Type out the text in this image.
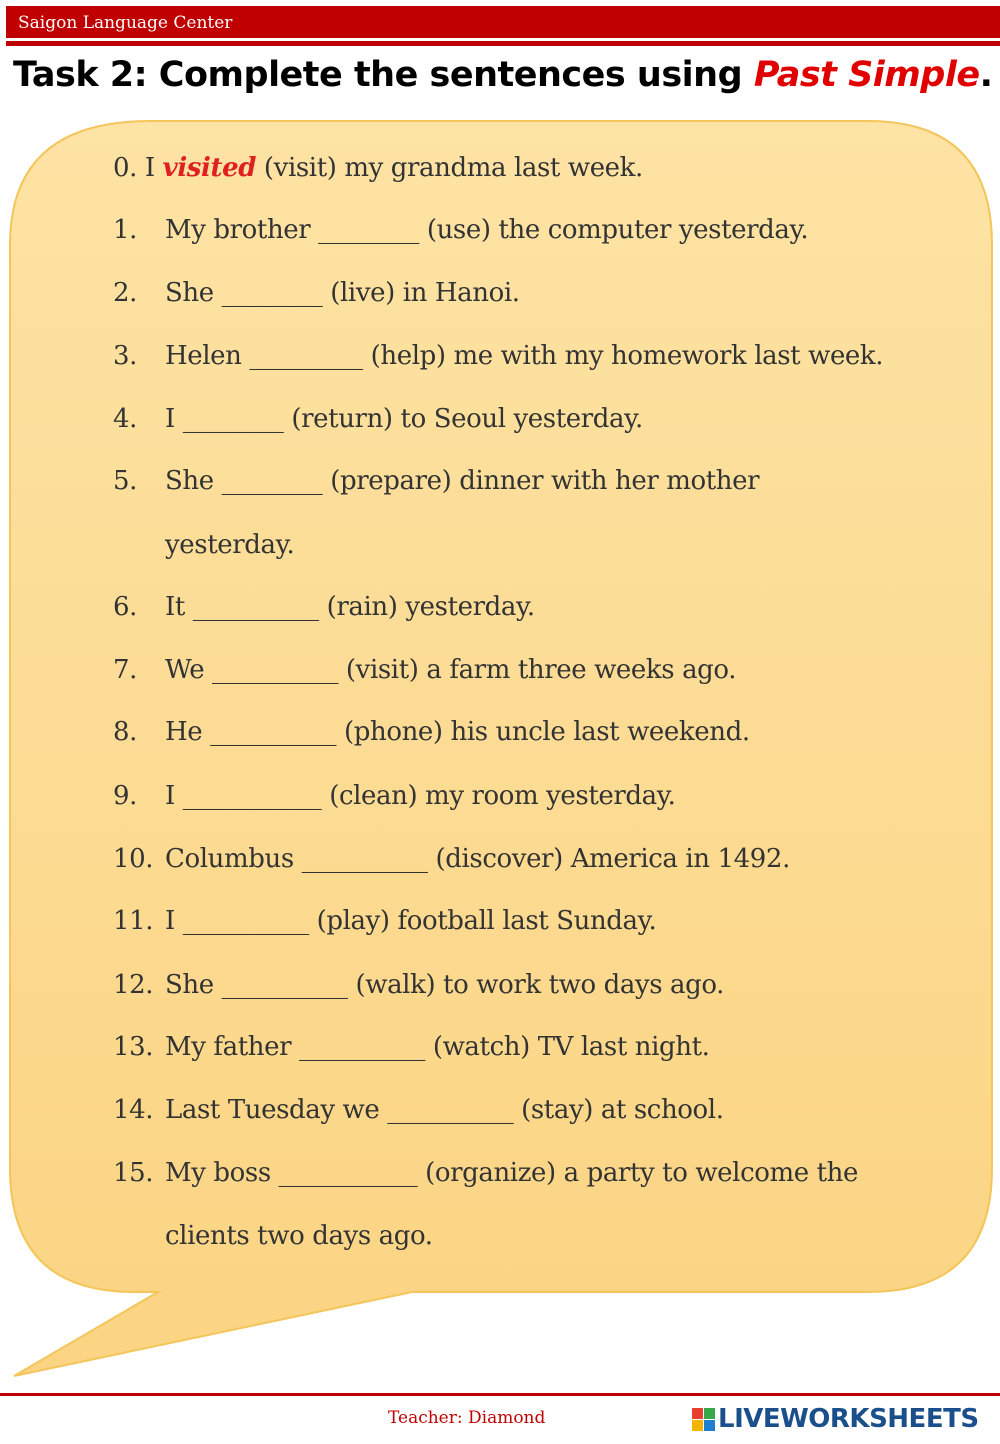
Saigon Language Center
Task 2: Complete the sentences using Past Simple.
0. I visited (visit) my grandma last week.
1. My brother ________ (use) the computer yesterday.
2. She ________ (live) in Hanoi.
3. Helen _________ (help) me with my homework last week.
4. I ________ (return) to Seoul yesterday.
5. She ________ (prepare) dinner with her mother
yesterday.
6. It __________ (rain) yesterday.
7. We __________ (visit) a farm three weeks ago.
8. He __________ (phone) his uncle last weekend.
9. I ___________ (clean) my room yesterday.
10. Columbus __________ (discover) America in 1492.
11. I __________ (play) football last Sunday.
12. She __________ (walk) to work two days ago.
13. My father __________ (watch) TV last night.
14. Last Tuesday we __________ (stay) at school.
15. My boss ___________ (organize) a party to welcome the
clients two days ago.
Teacher: Diamond	LIVEWORKSHEETS
